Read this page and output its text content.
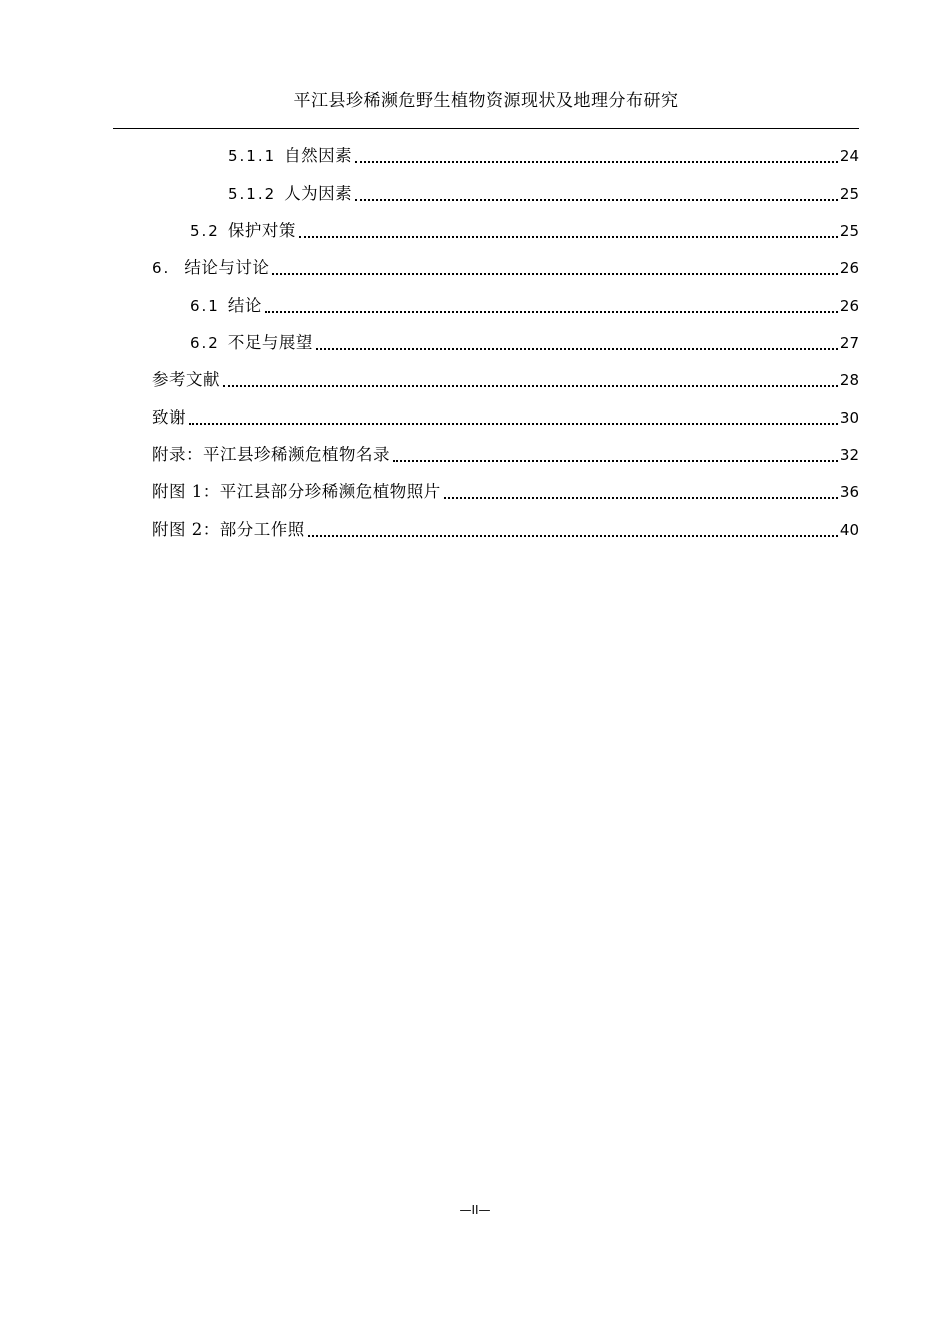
平江县珍稀濒危野生植物资源现状及地理分布研究
5.1.1 自然因素	24
5.1.2 人为因素	25
5.2 保护对策	25
6. 结论与讨论	26
6.1 结论	26
6.2 不足与展望	27
参考文献	28
致谢	30
附录：平江县珍稀濒危植物名录	32
附图 1：平江县部分珍稀濒危植物照片	36
附图 2：部分工作照	40
—II—
